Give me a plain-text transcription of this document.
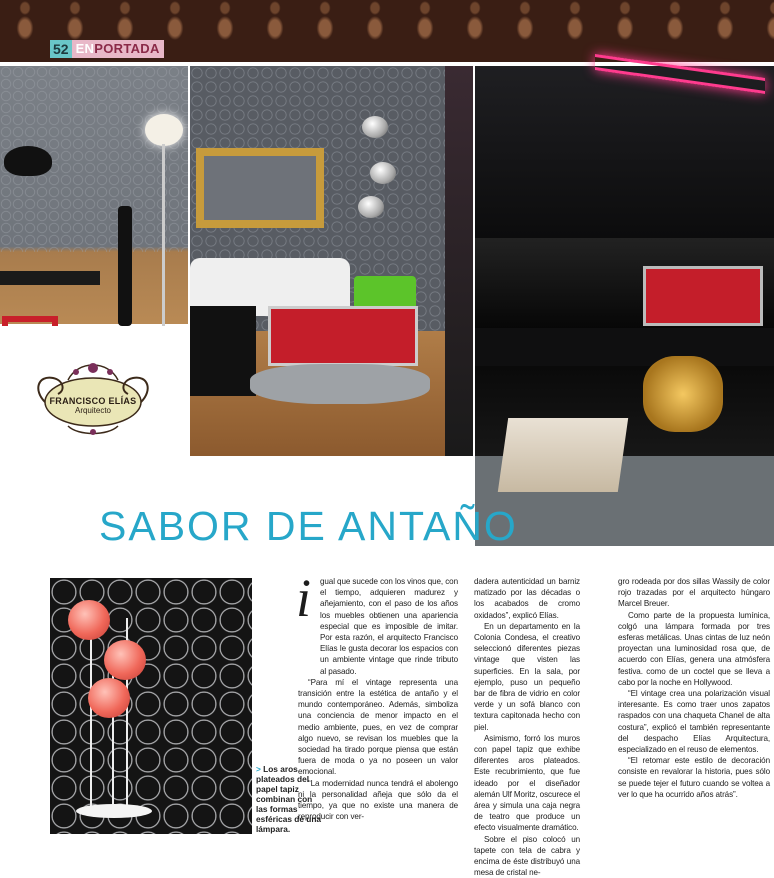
52 ENPORTADA
FRANCISCO ELÍAS
Arquitecto
SABOR DE ANTAÑO
> Los aros plateados del papel tapiz combinan con las formas esféricas de una lámpara.
i	gual que sucede con los vinos que, con el tiempo, adquieren madurez y añejamiento, con el paso de los años los muebles obtienen una apariencia especial que es imposible de imitar. Por esta razón, el arquitecto Francisco Elías le gusta decorar los espacios con un ambiente vintage que rinde tributo al pasado.

“Para mí el vintage representa una transición entre la estética de antaño y el mundo contemporáneo. Además, simboliza una conciencia de menor impacto en el medio ambiente, pues, en vez de comprar algo nuevo, se revisan los muebles que la sociedad ha tirado porque piensa que están fuera de moda o ya no poseen un valor emocional.

“La modernidad nunca tendrá el abolengo ni la personalidad añeja que sólo da el tiempo, ya que no existe una manera de reproducir con ver-

dadera autenticidad un barniz matizado por las décadas o los acabados de cromo oxidados”, explicó Elías.

En un departamento en la Colonia Condesa, el creativo seleccionó diferentes piezas vintage que visten las superficies. En la sala, por ejemplo, puso un pequeño bar de fibra de vidrio en color verde y un sofá blanco con textura capitonada hecho con piel.

Asimismo, forró los muros con papel tapiz que exhibe diferentes aros plateados. Este recubrimiento, que fue ideado por el diseñador alemán Ulf Moritz, oscurece el área y simula una caja negra de teatro que produce un efecto visualmente dramático.

Sobre el piso colocó un tapete con tela de cabra y encima de éste distribuyó una mesa de cristal ne-

gro rodeada por dos sillas Wassily de color rojo trazadas por el arquitecto húngaro Marcel Breuer.

Como parte de la propuesta lumínica, colgó una lámpara formada por tres esferas metálicas. Unas cintas de luz neón proyectan una luminosidad rosa que, de acuerdo con Elías, genera una atmósfera festiva. como de un coctel que se lleva a cabo por la noche en Hollywood.

“El vintage crea una polarización visual interesante. Es como traer unos zapatos raspados con una chaqueta Chanel de alta costura”, explicó el también representante del despacho Elías Arquitectura, especializado en el reuso de elementos.

“El retomar este estilo de decoración consiste en revalorar la historia, pues sólo se puede tejer el futuro cuando se voltea a ver lo que ha ocurrido años atrás”.
